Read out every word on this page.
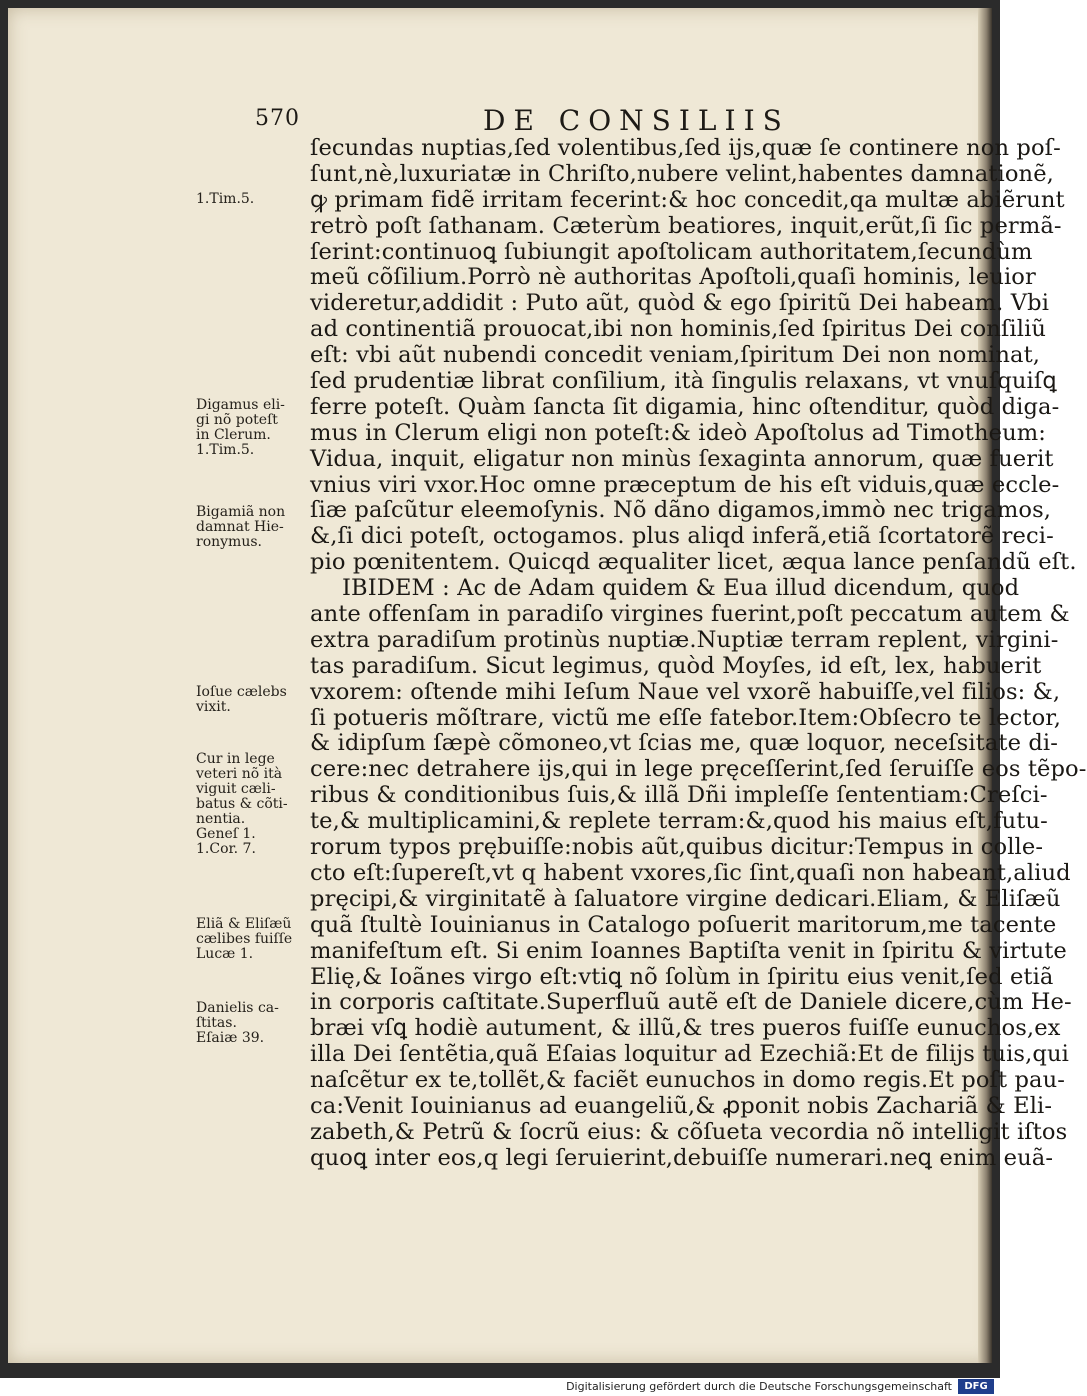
570	DE CONSILIIS
ſecundas nuptias,ſed volentibus,ſed ijs,quæ ſe continere non poſ-
ſunt,nè,luxuriatæ in Chriſto,nubere velint,habentes damnationẽ,
ꝙ primam fidẽ irritam fecerint:& hoc concedit,qa multæ abiẽrunt
retrò poſt ſathanam. Cæterùm beatiores, inquit,erũt,ſi ſic permã-
ſerint:continuoꝗ ſubiungit apoſtolicam authoritatem,ſecundùm
meũ cõſilium.Porrò nè authoritas Apoſtoli,quaſi hominis, leuior
videretur,addidit : Puto aũt, quòd & ego ſpiritũ Dei habeam. Vbi
ad continentiã prouocat,ibi non hominis,ſed ſpiritus Dei conſiliũ
eſt: vbi aũt nubendi concedit veniam,ſpiritum Dei non nominat,
ſed prudentiæ librat conſilium, ità ſingulis relaxans, vt vnuſquiſꝗ
ferre poteſt. Quàm ſancta ſit digamia, hinc oſtenditur, quòd diga-
mus in Clerum eligi non poteſt:& ideò Apoſtolus ad Timotheum:
Vidua, inquit, eligatur non minùs ſexaginta annorum, quæ fuerit
vnius viri vxor.Hoc omne præceptum de his eſt viduis,quæ eccle-
ſiæ paſcũtur eleemoſynis. Nõ dãno digamos,immò nec trigamos,
&,ſi dici poteſt, octogamos. plus aliqd inferã,etiã ſcortatorẽ reci-
pio pœnitentem. Quicqd æqualiter licet, æqua lance penſandũ eſt.
IBIDEM : Ac de Adam quidem & Eua illud dicendum, quod
ante offenſam in paradiſo virgines fuerint,poſt peccatum autem &
extra paradiſum protinùs nuptiæ.Nuptiæ terram replent, virgini-
tas paradiſum. Sicut legimus, quòd Moyſes, id eſt, lex, habuerit
vxorem: oſtende mihi Ieſum Naue vel vxorẽ habuiſſe,vel filios: &,
ſi potueris mõſtrare, victũ me eſſe fatebor.Item:Obſecro te lector,
& idipſum ſæpè cõmoneo,vt ſcias me, quæ loquor, neceſsitate di-
cere:nec detrahere ijs,qui in lege pręceſſerint,ſed ſeruiſſe eos tẽpo-
ribus & conditionibus ſuis,& illã Dñi impleſſe ſententiam:Creſci-
te,& multiplicamini,& replete terram:&,quod his maius eſt,futu-
rorum typos prębuiſſe:nobis aũt,quibus dicitur:Tempus in colle-
cto eſt:ſupereſt,vt q habent vxores,ſic ſint,quaſi non habeant,aliud
pręcipi,& virginitatẽ à ſaluatore virgine dedicari.Eliam, & Eliſæũ
quã ſtultè Iouinianus in Catalogo poſuerit maritorum,me tacente
manifeſtum eſt. Si enim Ioannes Baptiſta venit in ſpiritu & virtute
Elię,& Ioãnes virgo eſt:vtiꝗ nõ ſolùm in ſpiritu eius venit,ſed etiã
in corporis caſtitate.Superfluũ autẽ eſt de Daniele dicere,cùm He-
bræi vſꝗ hodiè autument, & illũ,& tres pueros fuiſſe eunuchos,ex
illa Dei ſentẽtia,quã Eſaias loquitur ad Ezechiã:Et de filijs tuis,qui
naſcẽtur ex te,tollẽt,& faciẽt eunuchos in domo regis.Et poſt pau-
ca:Venit Iouinianus ad euangeliũ,& ꝓponit nobis Zachariã & Eli-
zabeth,& Petrũ & ſocrũ eius: & cõſueta vecordia nõ intelligit iſtos
quoꝗ inter eos,q legi ſeruierint,debuiſſe numerari.neꝗ enim euã-
1.Tim.5.
Digamus eli-
gi nõ poteſt
in Clerum.
1.Tim.5.
Bigamiã non
damnat Hie-
ronymus.
Ioſue cælebs
vixit.
Cur in lege
veteri nõ ità
viguit cæli-
batus & cõti-
nentia.
Geneſ 1.
1.Cor. 7.
Eliã & Eliſæũ
cælibes fuiſſe
Lucæ 1.
Danielis ca-
ſtitas.
Eſaiæ 39.
Digitalisierung gefördert durch die Deutsche Forschungsgemeinschaft	DFG
